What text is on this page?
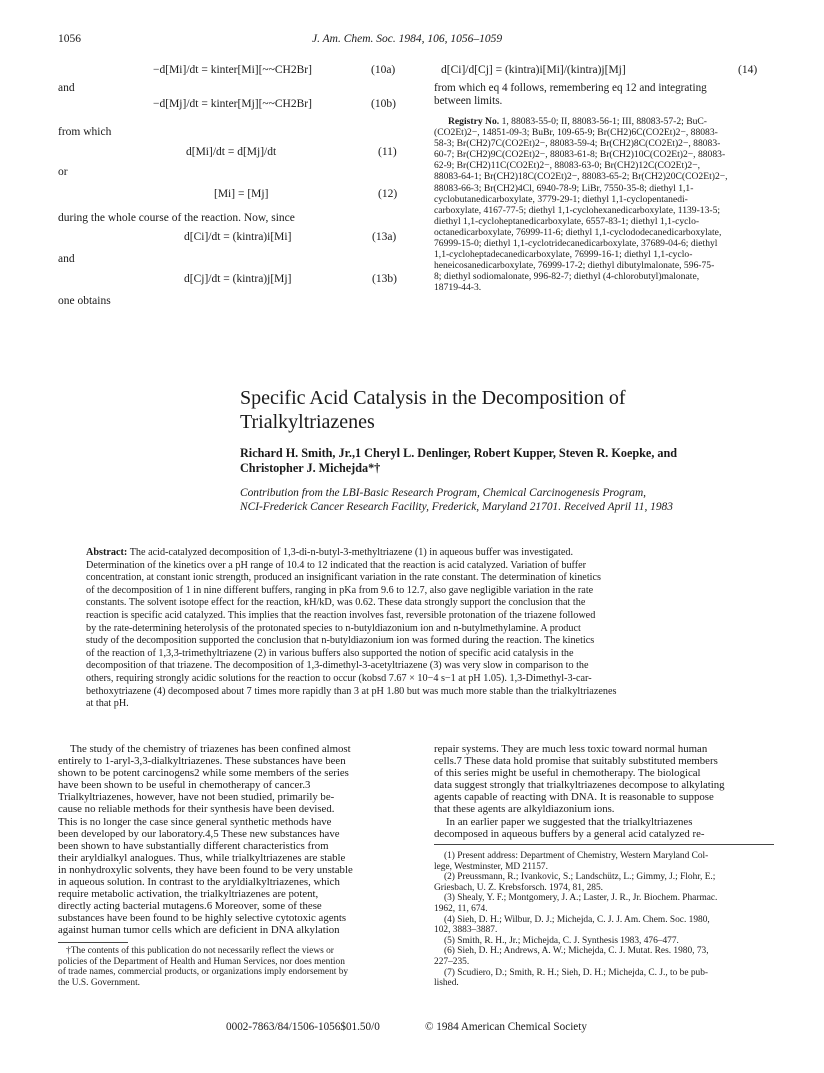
1056	J. Am. Chem. Soc. 1984, 106, 1056–1059
−d[Mi]/dt = kinter[Mi][~~CH2Br]	(10a)
and
−d[Mj]/dt = kinter[Mj][~~CH2Br]	(10b)
from which
d[Mi]/dt = d[Mj]/dt	(11)
or
[Mi] = [Mj]	(12)
during the whole course of the reaction. Now, since
d[Ci]/dt = (kintra)i[Mi]	(13a)
and
d[Cj]/dt = (kintra)j[Mj]	(13b)
one obtains
d[Ci]/d[Cj] = (kintra)i[Mi]/(kintra)j[Mj]	(14)
from which eq 4 follows, remembering eq 12 and integrating
between limits.
Registry No. 1, 88083-55-0; II, 88083-56-1; III, 88083-57-2; BuC-
(CO2Et)2−, 14851-09-3; BuBr, 109-65-9; Br(CH2)6C(CO2Et)2−, 88083-
58-3; Br(CH2)7C(CO2Et)2−, 88083-59-4; Br(CH2)8C(CO2Et)2−, 88083-
60-7; Br(CH2)9C(CO2Et)2−, 88083-61-8; Br(CH2)10C(CO2Et)2−, 88083-
62-9; Br(CH2)11C(CO2Et)2−, 88083-63-0; Br(CH2)12C(CO2Et)2−,
88083-64-1; Br(CH2)18C(CO2Et)2−, 88083-65-2; Br(CH2)20C(CO2Et)2−,
88083-66-3; Br(CH2)4Cl, 6940-78-9; LiBr, 7550-35-8; diethyl 1,1-
cyclobutanedicarboxylate, 3779-29-1; diethyl 1,1-cyclopentanedi-
carboxylate, 4167-77-5; diethyl 1,1-cyclohexanedicarboxylate, 1139-13-5;
diethyl 1,1-cycloheptanedicarboxylate, 6557-83-1; diethyl 1,1-cyclo-
octanedicarboxylate, 76999-11-6; diethyl 1,1-cyclododecanedicarboxylate,
76999-15-0; diethyl 1,1-cyclotridecanedicarboxylate, 37689-04-6; diethyl
1,1-cycloheptadecanedicarboxylate, 76999-16-1; diethyl 1,1-cyclo-
heneicosanedicarboxylate, 76999-17-2; diethyl dibutylmalonate, 596-75-
8; diethyl sodiomalonate, 996-82-7; diethyl (4-chlorobutyl)malonate,
18719-44-3.
Specific Acid Catalysis in the Decomposition of
Trialkyltriazenes
Richard H. Smith, Jr.,1 Cheryl L. Denlinger, Robert Kupper, Steven R. Koepke, and
Christopher J. Michejda*†
Contribution from the LBI-Basic Research Program, Chemical Carcinogenesis Program,
NCI-Frederick Cancer Research Facility, Frederick, Maryland 21701. Received April 11, 1983
Abstract: The acid-catalyzed decomposition of 1,3-di-n-butyl-3-methyltriazene (1) in aqueous buffer was investigated.
Determination of the kinetics over a pH range of 10.4 to 12 indicated that the reaction is acid catalyzed. Variation of buffer
concentration, at constant ionic strength, produced an insignificant variation in the rate constant. The determination of kinetics
of the decomposition of 1 in nine different buffers, ranging in pKa from 9.6 to 12.7, also gave negligible variation in the rate
constants. The solvent isotope effect for the reaction, kH/kD, was 0.62. These data strongly support the conclusion that the
reaction is specific acid catalyzed. This implies that the reaction involves fast, reversible protonation of the triazene followed
by the rate-determining heterolysis of the protonated species to n-butyldiazonium ion and n-butylmethylamine. A product
study of the decomposition supported the conclusion that n-butyldiazonium ion was formed during the reaction. The kinetics
of the reaction of 1,3,3-trimethyltriazene (2) in various buffers also supported the notion of specific acid catalysis in the
decomposition of that triazene. The decomposition of 1,3-dimethyl-3-acetyltriazene (3) was very slow in comparison to the
others, requiring strongly acidic solutions for the reaction to occur (kobsd 7.67 × 10−4 s−1 at pH 1.05). 1,3-Dimethyl-3-car-
bethoxytriazene (4) decomposed about 7 times more rapidly than 3 at pH 1.80 but was much more stable than the trialkyltriazenes
at that pH.
The study of the chemistry of triazenes has been confined almost
entirely to 1-aryl-3,3-dialkyltriazenes. These substances have been
shown to be potent carcinogens2 while some members of the series
have been shown to be useful in chemotherapy of cancer.3
Trialkyltriazenes, however, have not been studied, primarily be-
cause no reliable methods for their synthesis have been devised.
This is no longer the case since general synthetic methods have
been developed by our laboratory.4,5 These new substances have
been shown to have substantially different characteristics from
their aryldialkyl analogues. Thus, while trialkyltriazenes are stable
in nonhydroxylic solvents, they have been found to be very unstable
in aqueous solution. In contrast to the aryldialkyltriazenes, which
require metabolic activation, the trialkyltriazenes are potent,
directly acting bacterial mutagens.6 Moreover, some of these
substances have been found to be highly selective cytotoxic agents
against human tumor cells which are deficient in DNA alkylation
†The contents of this publication do not necessarily reflect the views or
policies of the Department of Health and Human Services, nor does mention
of trade names, commercial products, or organizations imply endorsement by
the U.S. Government.
repair systems. They are much less toxic toward normal human
cells.7 These data hold promise that suitably substituted members
of this series might be useful in chemotherapy. The biological
data suggest strongly that trialkyltriazenes decompose to alkylating
agents capable of reacting with DNA. It is reasonable to suppose
that these agents are alkyldiazonium ions.
In an earlier paper we suggested that the trialkyltriazenes
decomposed in aqueous buffers by a general acid catalyzed re-
(1) Present address: Department of Chemistry, Western Maryland Col-
lege, Westminster, MD 21157.
(2) Preussmann, R.; Ivankovic, S.; Landschütz, L.; Gimmy, J.; Flohr, E.;
Griesbach, U. Z. Krebsforsch. 1974, 81, 285.
(3) Shealy, Y. F.; Montgomery, J. A.; Laster, J. R., Jr. Biochem. Pharmac.
1962, 11, 674.
(4) Sieh, D. H.; Wilbur, D. J.; Michejda, C. J. J. Am. Chem. Soc. 1980,
102, 3883–3887.
(5) Smith, R. H., Jr.; Michejda, C. J. Synthesis 1983, 476–477.
(6) Sieh, D. H.; Andrews, A. W.; Michejda, C. J. Mutat. Res. 1980, 73,
227–235.
(7) Scudiero, D.; Smith, R. H.; Sieh, D. H.; Michejda, C. J., to be pub-
lished.
0002-7863/84/1506-1056$01.50/0	© 1984 American Chemical Society
